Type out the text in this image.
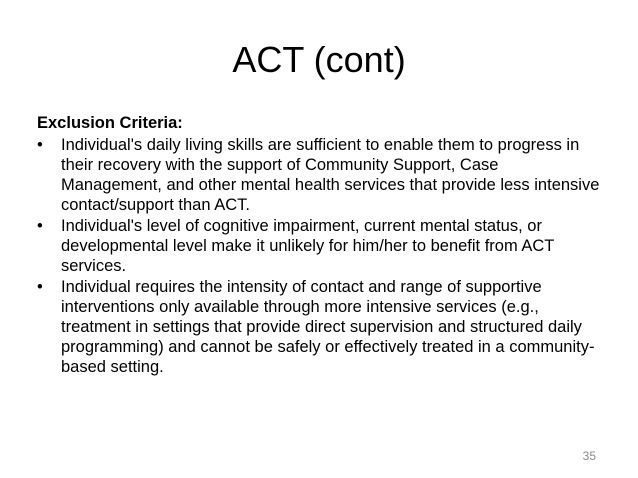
ACT (cont)

Exclusion Criteria:

•	Individual's daily living skills are sufficient to enable them to progress in their recovery with the support of Community Support, Case Management, and other mental health services that provide less intensive contact/support than ACT.
•	Individual's level of cognitive impairment, current mental status, or developmental level make it unlikely for him/her to benefit from ACT services.
•	Individual requires the intensity of contact and range of supportive interventions only available through more intensive services (e.g., treatment in settings that provide direct supervision and structured daily programming) and cannot be safely or effectively treated in a community-based setting.
35
